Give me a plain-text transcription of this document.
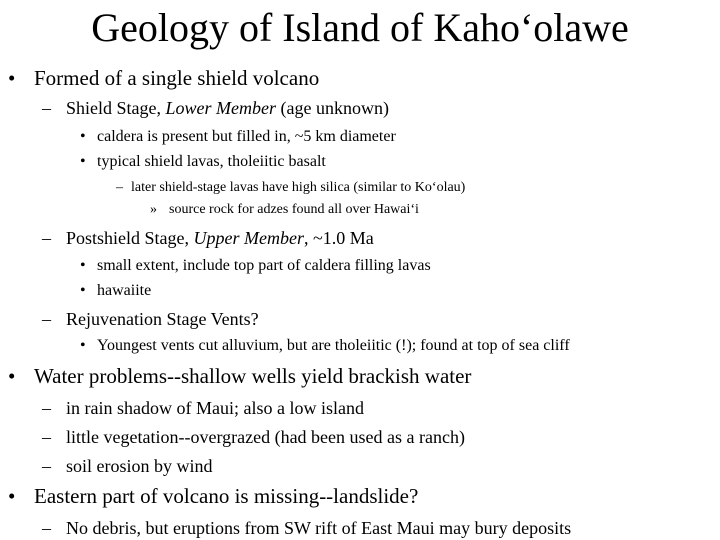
Geology of Island of Kaho‘olawe
• Formed of a single shield volcano
– Shield Stage, Lower Member (age unknown)
• caldera is present but filled in, ~5 km diameter
• typical shield lavas, tholeiitic basalt
– later shield-stage lavas have high silica (similar to Ko‘olau)
» source rock for adzes found all over Hawai‘i
– Postshield Stage, Upper Member, ~1.0 Ma
• small extent, include top part of caldera filling lavas
• hawaiite
– Rejuvenation Stage Vents?
• Youngest vents cut alluvium, but are tholeiitic (!); found at top of sea cliff
• Water problems--shallow wells yield brackish water
– in rain shadow of Maui; also a low island
– little vegetation--overgrazed (had been used as a ranch)
– soil erosion by wind
• Eastern part of volcano is missing--landslide?
– No debris, but eruptions from SW rift of East Maui may bury deposits
